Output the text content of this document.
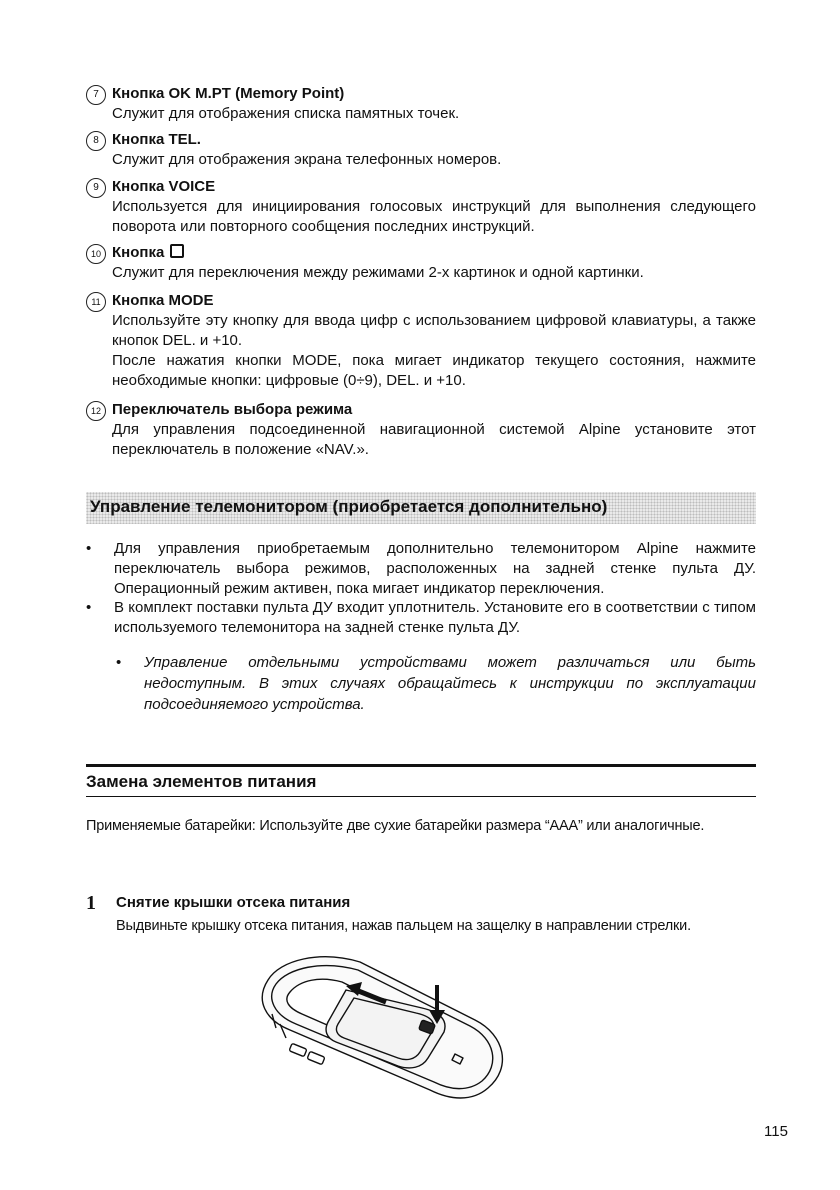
7 Кнопка OK M.PT (Memory Point)
Служит для отображения списка памятных точек.
8 Кнопка TEL.
Служит для отображения экрана телефонных номеров.
9 Кнопка VOICE
Используется для инициирования голосовых инструкций для выполнения следующего поворота или повторного сообщения последних инструкций.
10 Кнопка
Служит для переключения между режимами 2-х картинок и одной картинки.
11 Кнопка MODE
Используйте эту кнопку для ввода цифр с использованием цифровой клавиатуры, а также кнопок DEL. и +10.
После нажатия кнопки MODE, пока мигает индикатор текущего состояния, нажмите необходимые кнопки: цифровые (0÷9), DEL. и +10.
12 Переключатель выбора режима
Для управления подсоединенной навигационной системой Alpine установите этот переключатель в положение «NAV.».
Управление телемонитором (приобретается дополнительно)
• Для управления приобретаемым дополнительно телемонитором Alpine нажмите переключатель выбора режимов, расположенных на задней стенке пульта ДУ. Операционный режим активен, пока мигает индикатор переключения.
• В комплект поставки пульта ДУ входит уплотнитель. Установите его в соответствии с типом используемого телемонитора на задней стенке пульта ДУ.
• Управление отдельными устройствами может различаться или быть недоступным. В этих случаях обращайтесь к инструкции по эксплуатации подсоединяемого устройства.
Замена элементов питания
Применяемые батарейки: Используйте две сухие батарейки размера “AAA” или аналогичные.
1 Снятие крышки отсека питания
Выдвиньте крышку отсека питания, нажав пальцем на защелку в направлении стрелки.
115
